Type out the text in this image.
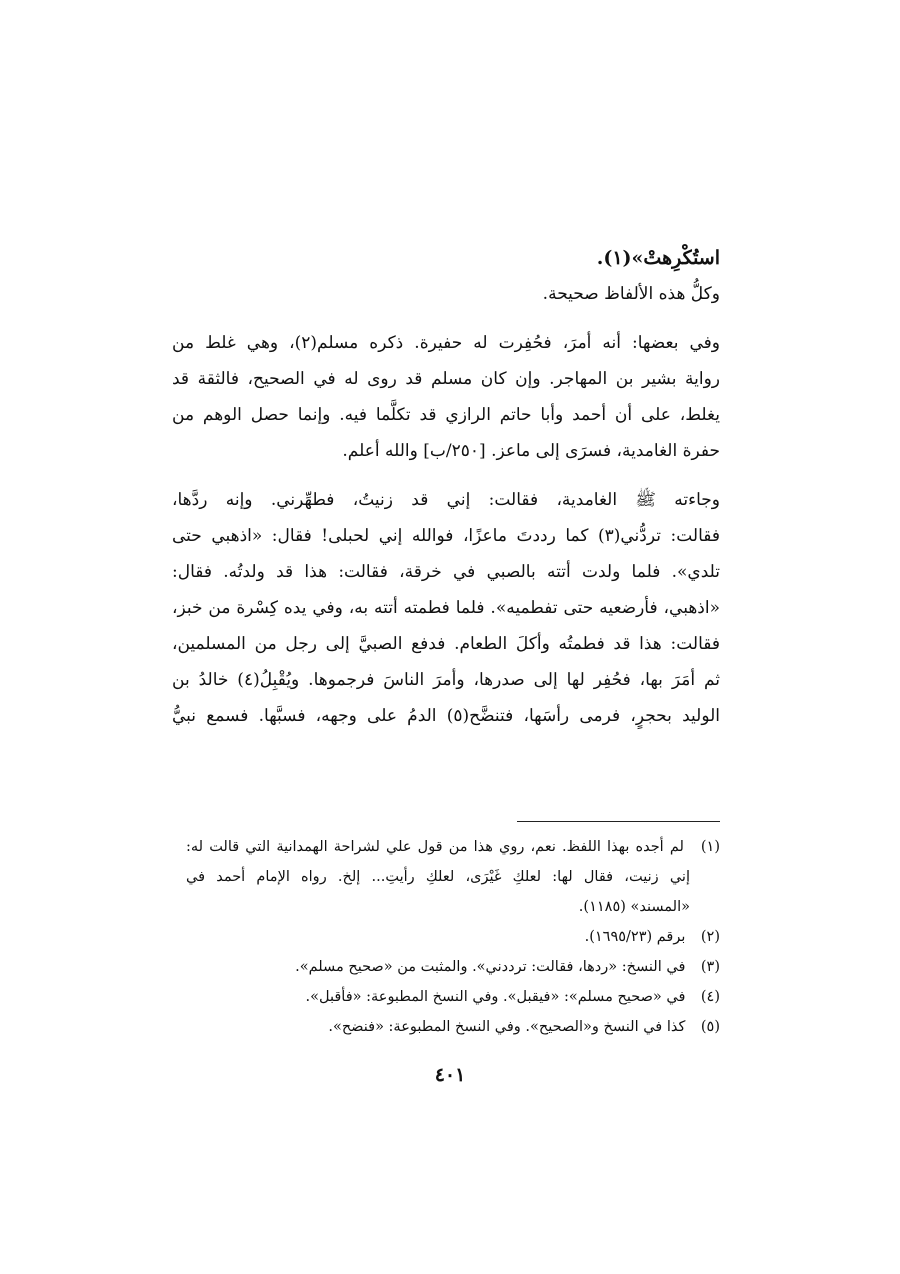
استُكْرِهتْ»(١).
وكلُّ هذه الألفاظ صحيحة.
وفي بعضها: أنه أمرَ، فحُفِرت له حفيرة. ذكره مسلم(٢)، وهي غلط من
رواية بشير بن المهاجر. وإن كان مسلم قد روى له في الصحيح، فالثقة قد
يغلط، على أن أحمد وأبا حاتم الرازي قد تكلَّما فيه. وإنما حصل الوهم من
حفرة الغامدية، فسرَى إلى ماعز. [٢٥٠/ب] والله أعلم.
وجاءته ﷺ الغامدية، فقالت: إني قد زنيتُ، فطهِّرني. وإنه ردَّها،
فقالت: تردُّني(٣) كما رددتَ ماعزًا، فوالله إني لحبلى! فقال: «اذهبي حتى
تلدي». فلما ولدت أتته بالصبي في خرقة، فقالت: هذا قد ولدتُه. فقال:
«اذهبي، فأرضعيه حتى تفطميه». فلما فطمته أتته به، وفي يده كِسْرة من خبز،
فقالت: هذا قد فطمتُه وأكلَ الطعام. فدفع الصبيَّ إلى رجل من المسلمين،
ثم أمَرَ بها، فحُفِر لها إلى صدرها، وأمرَ الناسَ فرجموها. ويُقْبِلُ(٤) خالدُ بن
الوليد بحجرٍ، فرمى رأسَها، فتنضَّح(٥) الدمُ على وجهه، فسبَّها. فسمع نبيُّ
(١) لم أجده بهذا اللفظ. نعم، روي هذا من قول علي لشراحة الهمدانية التي قالت له:
إني زنيت، فقال لها: لعلكِ غَيْرَى، لعلكِ رأيتِ... إلخ. رواه الإمام أحمد في
«المسند» (١١٨٥).
(٢) برقم (١٦٩٥/٢٣).
(٣) في النسخ: «ردها، فقالت: ترددني». والمثبت من «صحيح مسلم».
(٤) في «صحيح مسلم»: «فيقبل». وفي النسخ المطبوعة: «فأقبل».
(٥) كذا في النسخ و«الصحيح». وفي النسخ المطبوعة: «فنضح».
٤٠١
